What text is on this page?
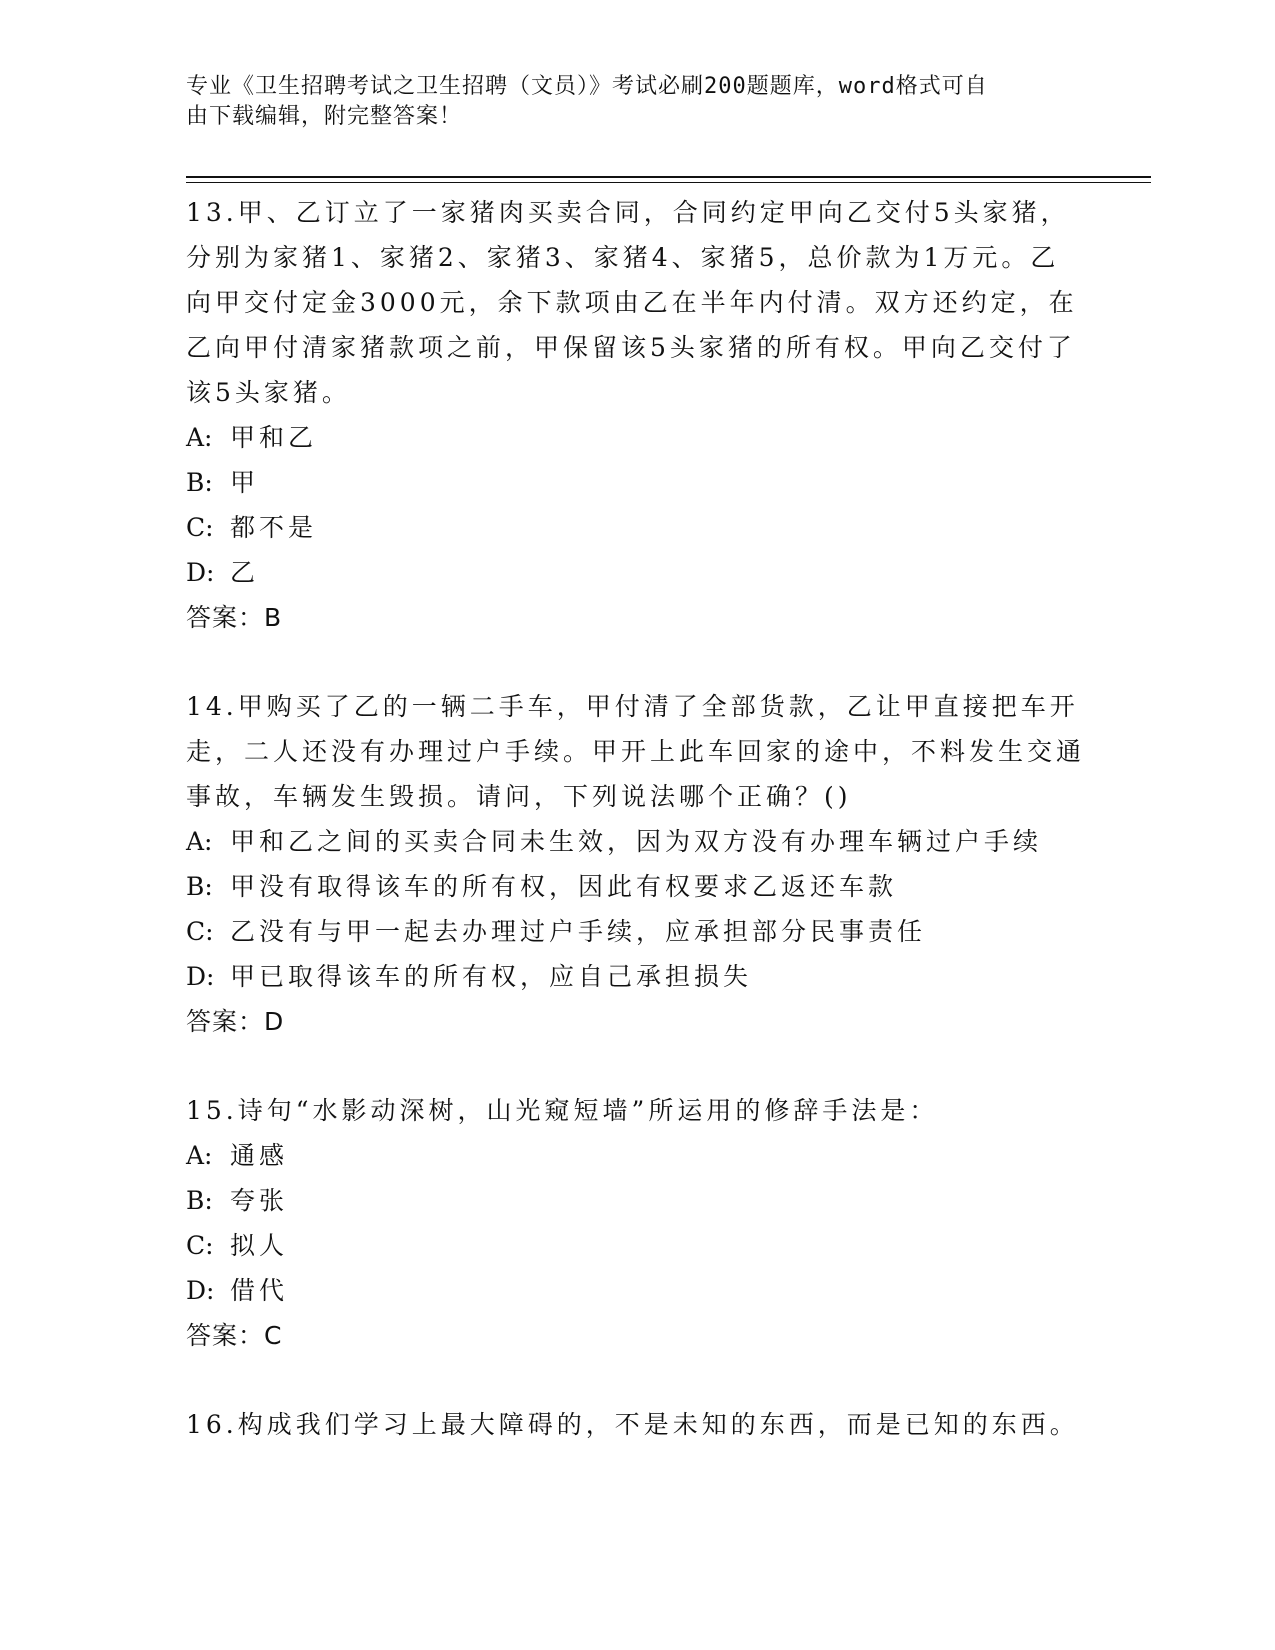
专业《卫生招聘考试之卫生招聘（文员）》考试必刷200题题库，word格式可自
由下载编辑，附完整答案！

13.甲、乙订立了一家猪肉买卖合同，合同约定甲向乙交付5头家猪，分别为家猪1、家猪2、家猪3、家猪4、家猪5，总价款为1万元。乙向甲交付定金3000元，余下款项由乙在半年内付清。双方还约定，在乙向甲付清家猪款项之前，甲保留该5头家猪的所有权。甲向乙交付了该5头家猪。

A: 甲和乙

B: 甲

C: 都不是

D: 乙

答案：B

14.甲购买了乙的一辆二手车，甲付清了全部货款，乙让甲直接把车开走，二人还没有办理过户手续。甲开上此车回家的途中，不料发生交通事故，车辆发生毁损。请问，下列说法哪个正确？()

A: 甲和乙之间的买卖合同未生效，因为双方没有办理车辆过户手续

B: 甲没有取得该车的所有权，因此有权要求乙返还车款

C: 乙没有与甲一起去办理过户手续，应承担部分民事责任

D: 甲已取得该车的所有权，应自己承担损失

答案：D

15.诗句“水影动深树，山光窥短墙”所运用的修辞手法是：

A: 通感

B: 夸张

C: 拟人

D: 借代

答案：C

16.构成我们学习上最大障碍的，不是未知的东西，而是已知的东西。
